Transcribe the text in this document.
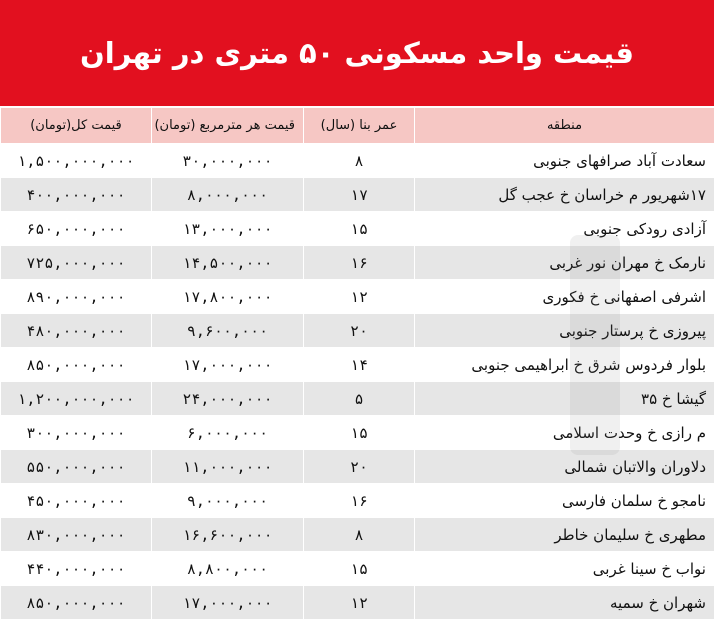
قیمت واحد مسکونی ۵۰ متری در تهران
منطقه	عمر بنا (سال)	قیمت هر مترمربع (تومان)	قیمت کل(تومان)
سعادت آباد صرافهای جنوبی	۸	۳۰,۰۰۰,۰۰۰	۱,۵۰۰,۰۰۰,۰۰۰
۱۷شهریور م خراسان خ عجب گل	۱۷	۸,۰۰۰,۰۰۰	۴۰۰,۰۰۰,۰۰۰
آزادی رودکی جنوبی	۱۵	۱۳,۰۰۰,۰۰۰	۶۵۰,۰۰۰,۰۰۰
نارمک خ مهران نور غربی	۱۶	۱۴,۵۰۰,۰۰۰	۷۲۵,۰۰۰,۰۰۰
اشرفی اصفهانی خ فکوری	۱۲	۱۷,۸۰۰,۰۰۰	۸۹۰,۰۰۰,۰۰۰
پیروزی خ پرستار جنوبی	۲۰	۹,۶۰۰,۰۰۰	۴۸۰,۰۰۰,۰۰۰
بلوار فردوس شرق خ ابراهیمی جنوبی	۱۴	۱۷,۰۰۰,۰۰۰	۸۵۰,۰۰۰,۰۰۰
گیشا خ ۳۵	۵	۲۴,۰۰۰,۰۰۰	۱,۲۰۰,۰۰۰,۰۰۰
م رازی خ وحدت اسلامی	۱۵	۶,۰۰۰,۰۰۰	۳۰۰,۰۰۰,۰۰۰
دلاوران والاتبان شمالی	۲۰	۱۱,۰۰۰,۰۰۰	۵۵۰,۰۰۰,۰۰۰
نامجو خ سلمان فارسی	۱۶	۹,۰۰۰,۰۰۰	۴۵۰,۰۰۰,۰۰۰
مطهری خ سلیمان خاطر	۸	۱۶,۶۰۰,۰۰۰	۸۳۰,۰۰۰,۰۰۰
نواب خ سینا غربی	۱۵	۸,۸۰۰,۰۰۰	۴۴۰,۰۰۰,۰۰۰
شهران خ سمیه	۱۲	۱۷,۰۰۰,۰۰۰	۸۵۰,۰۰۰,۰۰۰
